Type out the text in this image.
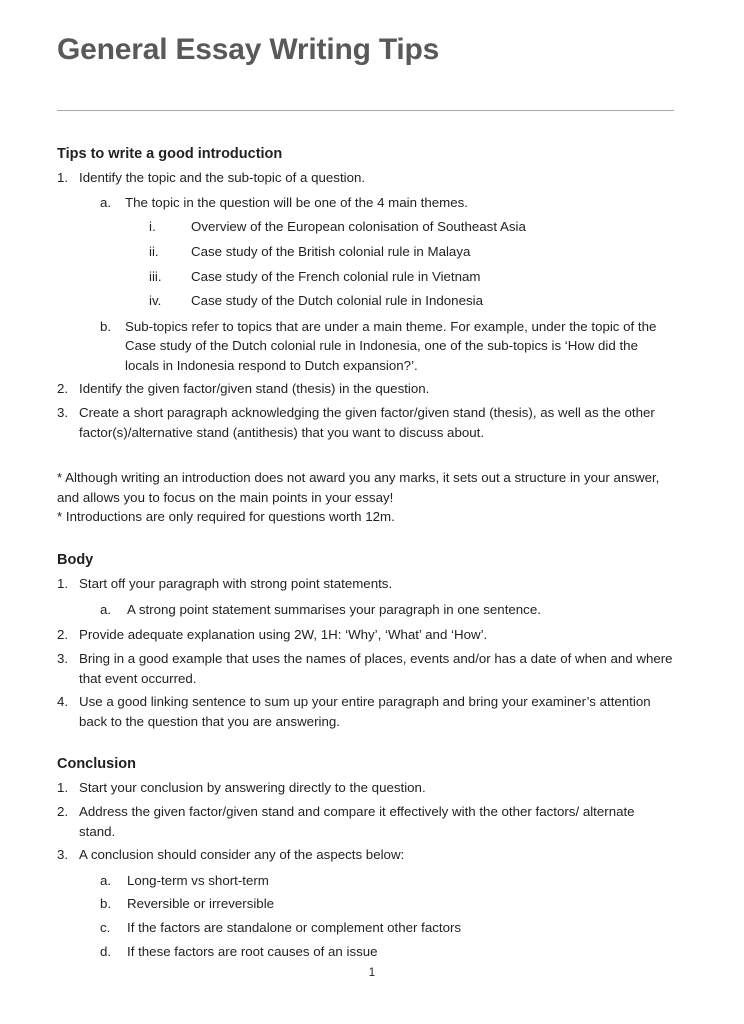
General Essay Writing Tips
Tips to write a good introduction
1. Identify the topic and the sub-topic of a question.
a.	The topic in the question will be one of the 4 main themes.
i.	Overview of the European colonisation of Southeast Asia
ii.	Case study of the British colonial rule in Malaya
iii.	Case study of the French colonial rule in Vietnam
iv.	Case study of the Dutch colonial rule in Indonesia
b.	Sub-topics refer to topics that are under a main theme. For example, under the topic of the Case study of the Dutch colonial rule in Indonesia, one of the sub-topics is ‘How did the locals in Indonesia respond to Dutch expansion?’.
2. Identify the given factor/given stand (thesis) in the question.
3. Create a short paragraph acknowledging the given factor/given stand (thesis), as well as the other factor(s)/alternative stand (antithesis) that you want to discuss about.

* Although writing an introduction does not award you any marks, it sets out a structure in your answer, and allows you to focus on the main points in your essay!

* Introductions are only required for questions worth 12m.

Body
1. Start off your paragraph with strong point statements.
a.	A strong point statement summarises your paragraph in one sentence.
2. Provide adequate explanation using 2W, 1H: ‘Why’, ‘What’ and ‘How’.
3. Bring in a good example that uses the names of places, events and/or has a date of when and where that event occurred.
4. Use a good linking sentence to sum up your entire paragraph and bring your examiner’s attention back to the question that you are answering.
Conclusion
1. Start your conclusion by answering directly to the question.
2. Address the given factor/given stand and compare it effectively with the other factors/ alternate stand.
3. A conclusion should consider any of the aspects below:
a.	Long-term vs short-term
b.	Reversible or irreversible
c.	If the factors are standalone or complement other factors
d.	If these factors are root causes of an issue
1
